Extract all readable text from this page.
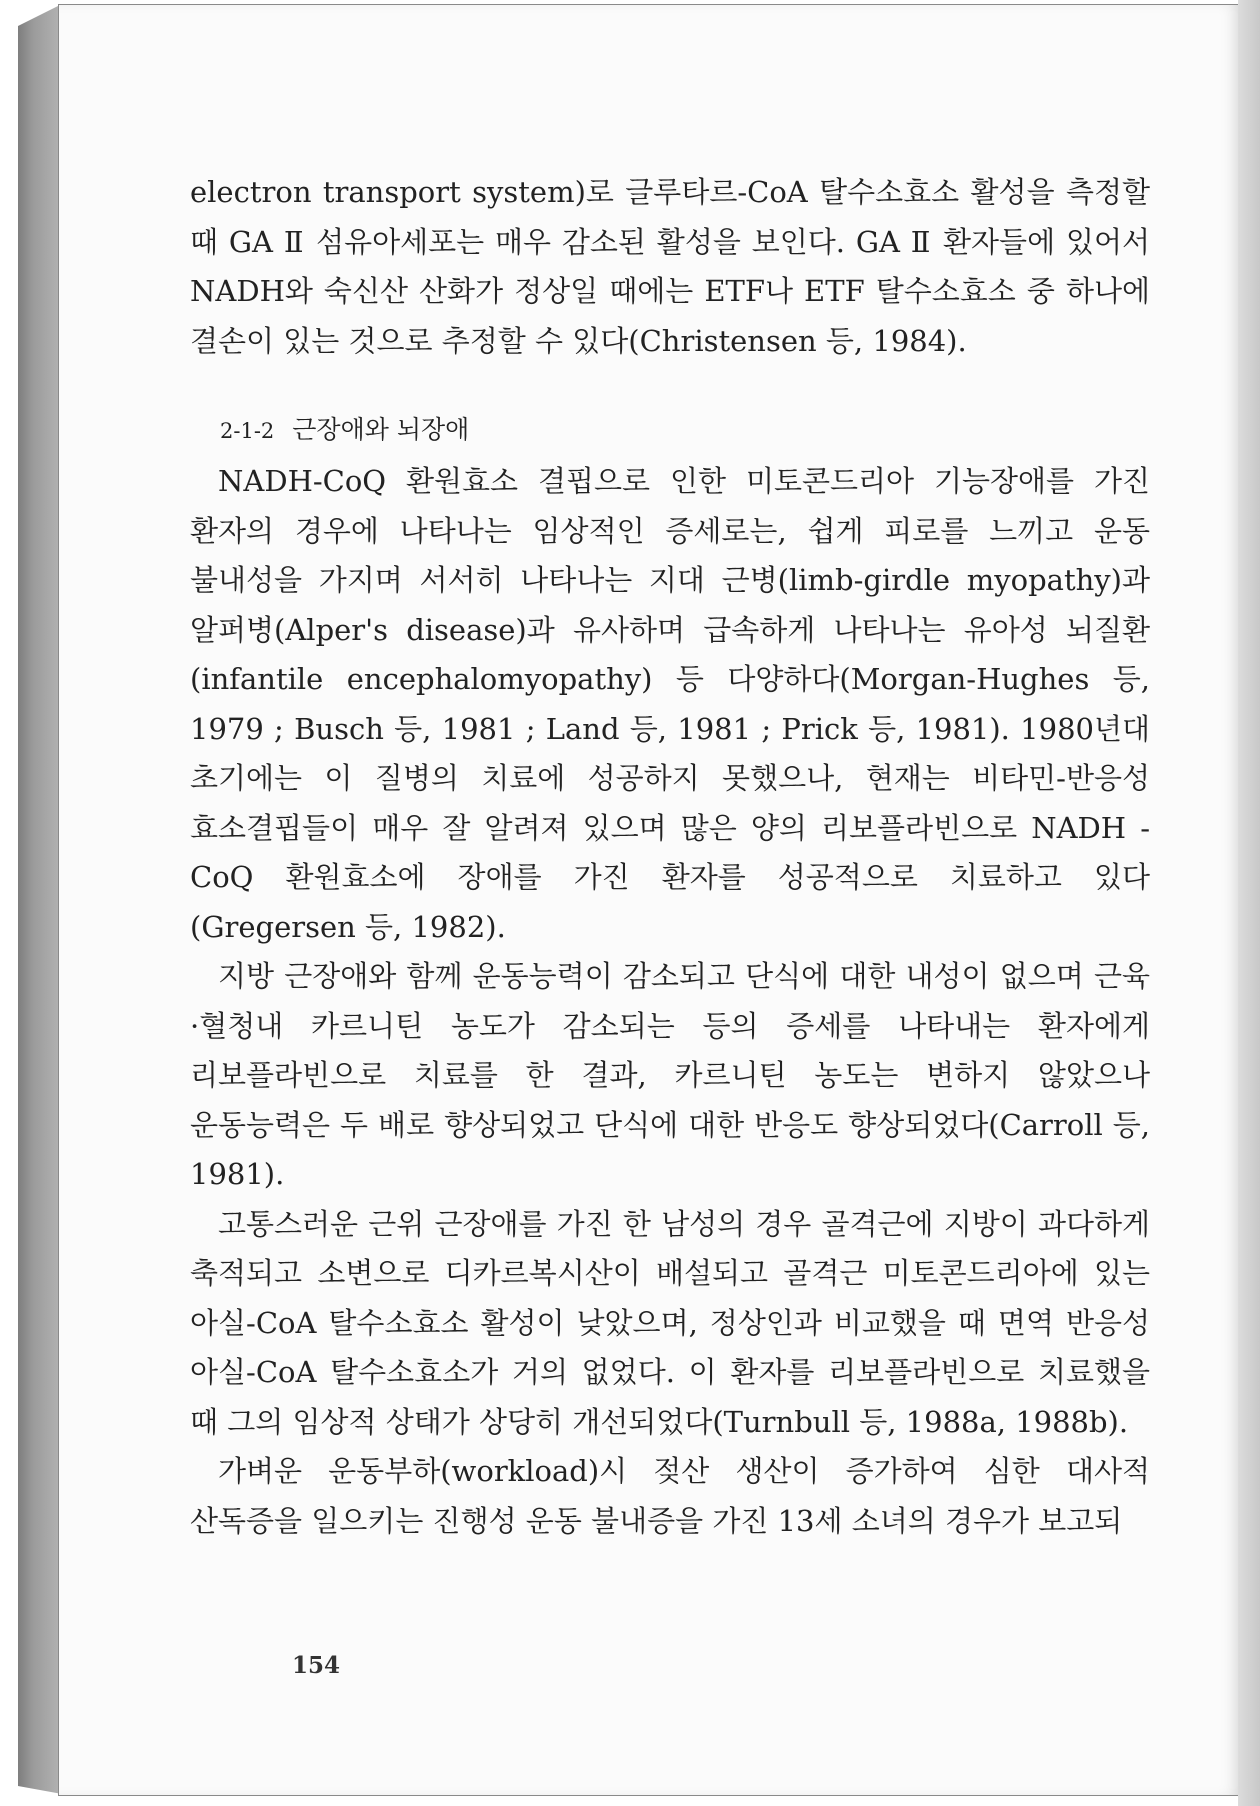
electron transport system)로 글루타르-CoA 탈수소효소 활성을 측정할 때 GA Ⅱ 섬유아세포는 매우 감소된 활성을 보인다. GA Ⅱ 환자들에 있어서 NADH와 숙신산 산화가 정상일 때에는 ETF나 ETF 탈수소효소 중 하나에 결손이 있는 것으로 추정할 수 있다(Christensen 등, 1984).

2-1-2 근장애와 뇌장애

NADH-CoQ 환원효소 결핍으로 인한 미토콘드리아 기능장애를 가진 환자의 경우에 나타나는 임상적인 증세로는, 쉽게 피로를 느끼고 운동 불내성을 가지며 서서히 나타나는 지대 근병(limb-girdle myopathy)과 알퍼병(Alper's disease)과 유사하며 급속하게 나타나는 유아성 뇌질환 (infantile encephalomyopathy) 등 다양하다(Morgan-Hughes 등, 1979 ; Busch 등, 1981 ; Land 등, 1981 ; Prick 등, 1981). 1980년대 초기에는 이 질병의 치료에 성공하지 못했으나, 현재는 비타민-반응성 효소결핍들이 매우 잘 알려져 있으며 많은 양의 리보플라빈으로 NADH -CoQ 환원효소에 장애를 가진 환자를 성공적으로 치료하고 있다 (Gregersen 등, 1982).

지방 근장애와 함께 운동능력이 감소되고 단식에 대한 내성이 없으며 근육·혈청내 카르니틴 농도가 감소되는 등의 증세를 나타내는 환자에게 리보플라빈으로 치료를 한 결과, 카르니틴 농도는 변하지 않았으나 운동능력은 두 배로 향상되었고 단식에 대한 반응도 향상되었다(Carroll 등, 1981).

고통스러운 근위 근장애를 가진 한 남성의 경우 골격근에 지방이 과다하게 축적되고 소변으로 디카르복시산이 배설되고 골격근 미토콘드리아에 있는 아실-CoA 탈수소효소 활성이 낮았으며, 정상인과 비교했을 때 면역 반응성 아실-CoA 탈수소효소가 거의 없었다. 이 환자를 리보플라빈으로 치료했을 때 그의 임상적 상태가 상당히 개선되었다(Turnbull 등, 1988a, 1988b).

가벼운 운동부하(workload)시 젖산 생산이 증가하여 심한 대사적 산독증을 일으키는 진행성 운동 불내증을 가진 13세 소녀의 경우가 보고되

154
